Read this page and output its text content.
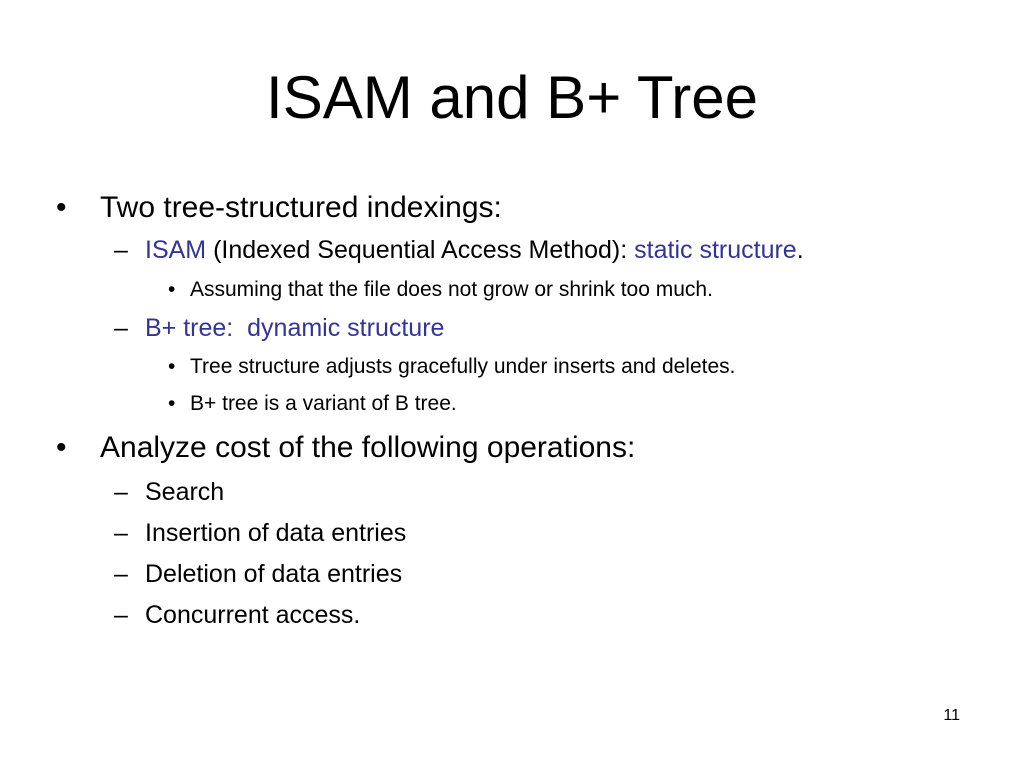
ISAM and B+ Tree
• Two tree-structured indexings:
– ISAM (Indexed Sequential Access Method): static structure.
• Assuming that the file does not grow or shrink too much.
– B+ tree:  dynamic structure
• Tree structure adjusts gracefully under inserts and deletes.
• B+ tree is a variant of B tree.
• Analyze cost of the following operations:
– Search
– Insertion of data entries
– Deletion of data entries
– Concurrent access.
11
